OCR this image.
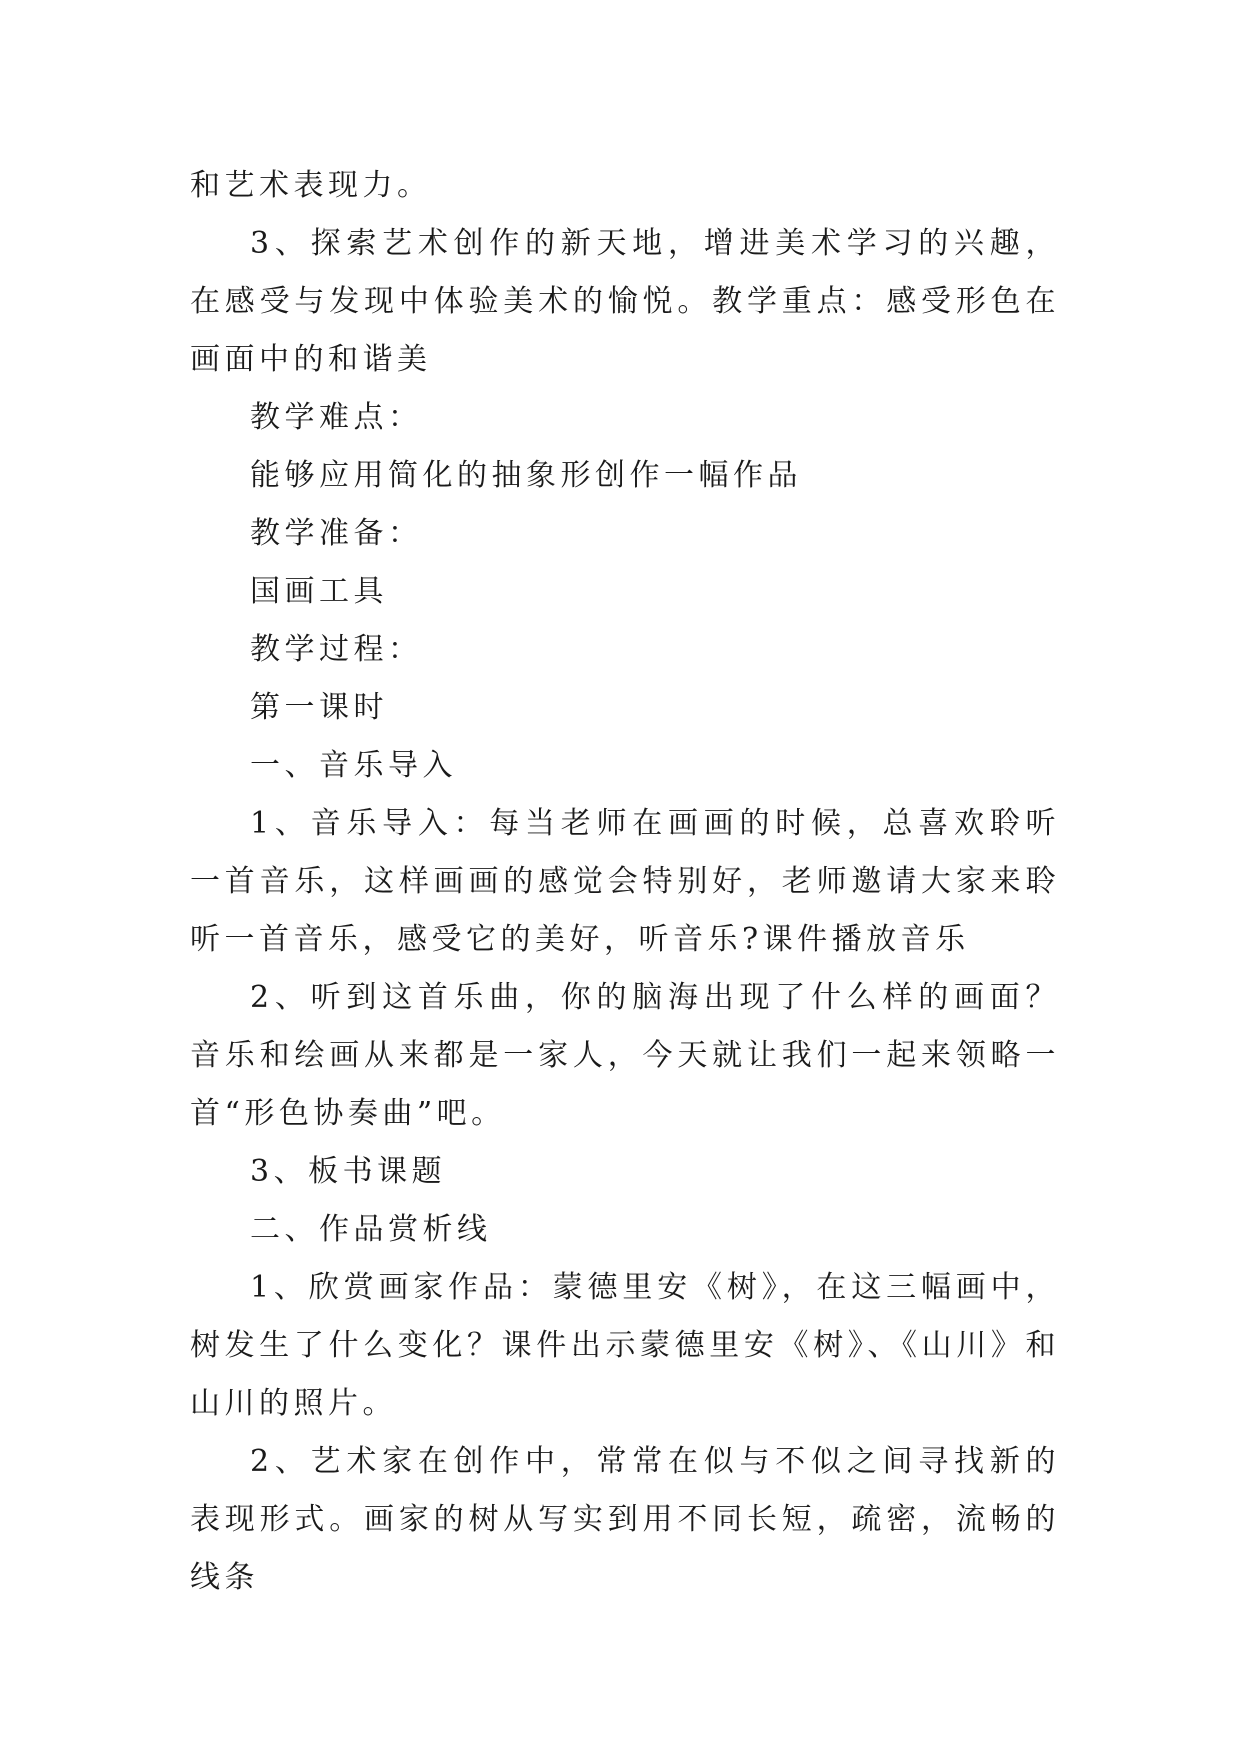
和艺术表现力。

3、探索艺术创作的新天地，增进美术学习的兴趣，在感受与发现中体验美术的愉悦。教学重点：感受形色在画面中的和谐美

教学难点：

能够应用简化的抽象形创作一幅作品

教学准备：

国画工具

教学过程：

第一课时

一、音乐导入

1、音乐导入：每当老师在画画的时候，总喜欢聆听一首音乐，这样画画的感觉会特别好，老师邀请大家来聆听一首音乐，感受它的美好，听音乐?课件播放音乐

2、听到这首乐曲，你的脑海出现了什么样的画面？音乐和绘画从来都是一家人，今天就让我们一起来领略一首“形色协奏曲”吧。

3、板书课题

二、作品赏析线

1、欣赏画家作品：蒙德里安《树》，在这三幅画中，树发生了什么变化？课件出示蒙德里安《树》、《山川》和山川的照片。

2、艺术家在创作中，常常在似与不似之间寻找新的表现形式。画家的树从写实到用不同长短，疏密，流畅的线条
